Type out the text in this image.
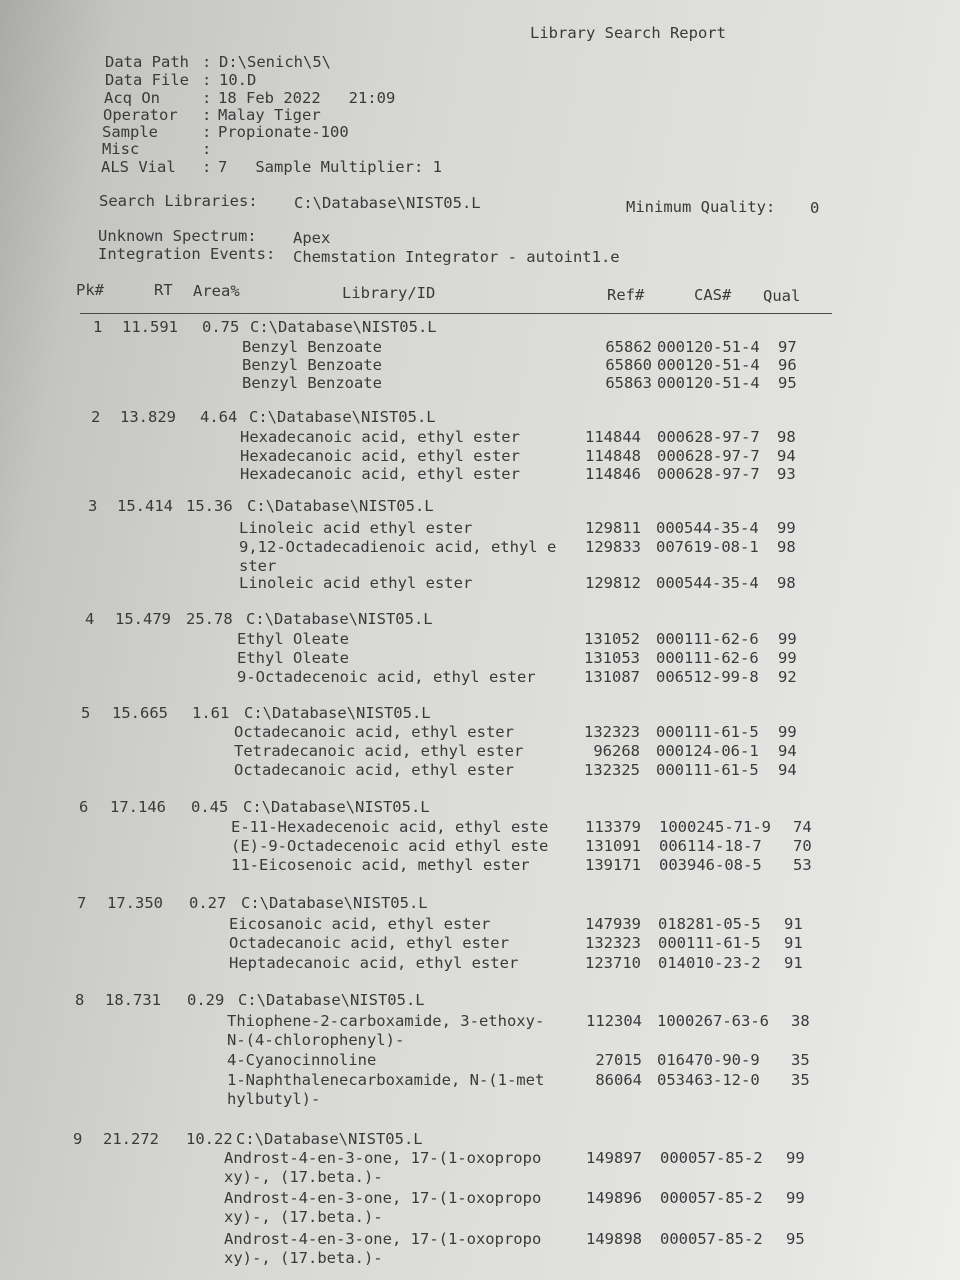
Library Search Report
Data Path : D:\Senich\5\
Data File : 10.D
Acq On	: 18 Feb 2022   21:09
Operator : Malay Tiger
Sample	: Propionate-100
Misc	:
ALS Vial : 7   Sample Multiplier: 1
Search Libraries: C:\Database\NIST05.L	Minimum Quality: 0
Unknown Spectrum: Apex
Integration Events: Chemstation Integrator - autoint1.e
Pk#	RT Area%	Library/ID	Ref#	CAS# Qual
1 11.591 0.75 C:\Database\NIST05.L
Benzyl Benzoate	65862 000120-51-4 97
Benzyl Benzoate	65860 000120-51-4 96
Benzyl Benzoate	65863 000120-51-4 95
2 13.829 4.64 C:\Database\NIST05.L
Hexadecanoic acid, ethyl ester	114844 000628-97-7 98
Hexadecanoic acid, ethyl ester	114848 000628-97-7 94
Hexadecanoic acid, ethyl ester	114846 000628-97-7 93
3 15.414 15.36 C:\Database\NIST05.L
Linoleic acid ethyl ester	129811 000544-35-4 99
9,12-Octadecadienoic acid, ethyl e
ster
129833 007619-08-1 98
Linoleic acid ethyl ester	129812 000544-35-4 98
4 15.479 25.78 C:\Database\NIST05.L
Ethyl Oleate	131052 000111-62-6 99
Ethyl Oleate	131053 000111-62-6 99
9-Octadecenoic acid, ethyl ester	131087 006512-99-8 92
5 15.665 1.61 C:\Database\NIST05.L
Octadecanoic acid, ethyl ester	132323 000111-61-5 99
Tetradecanoic acid, ethyl ester	96268 000124-06-1 94
Octadecanoic acid, ethyl ester	132325 000111-61-5 94
6 17.146 0.45 C:\Database\NIST05.L
E-11-Hexadecenoic acid, ethyl este 113379 1000245-71-9 74
(E)-9-Octadecenoic acid ethyl este 131091 006114-18-7 70
11-Eicosenoic acid, methyl ester	139171 003946-08-5 53
7 17.350 0.27 C:\Database\NIST05.L
Eicosanoic acid, ethyl ester	147939 018281-05-5 91
Octadecanoic acid, ethyl ester	132323 000111-61-5 91
Heptadecanoic acid, ethyl ester	123710 014010-23-2 91
8 18.731 0.29 C:\Database\NIST05.L
Thiophene-2-carboxamide, 3-ethoxy-
N-(4-chlorophenyl)-
112304 1000267-63-6 38
4-Cyanocinnoline	27015 016470-90-9 35
1-Naphthalenecarboxamide, N-(1-met
hylbutyl)-
86064 053463-12-0 35
9 21.272 10.22 C:\Database\NIST05.L
Androst-4-en-3-one, 17-(1-oxopropo
xy)-, (17.beta.)-
149897 000057-85-2 99
Androst-4-en-3-one, 17-(1-oxopropo
xy)-, (17.beta.)-
149896 000057-85-2 99
Androst-4-en-3-one, 17-(1-oxopropo
xy)-, (17.beta.)-
149898 000057-85-2 95
